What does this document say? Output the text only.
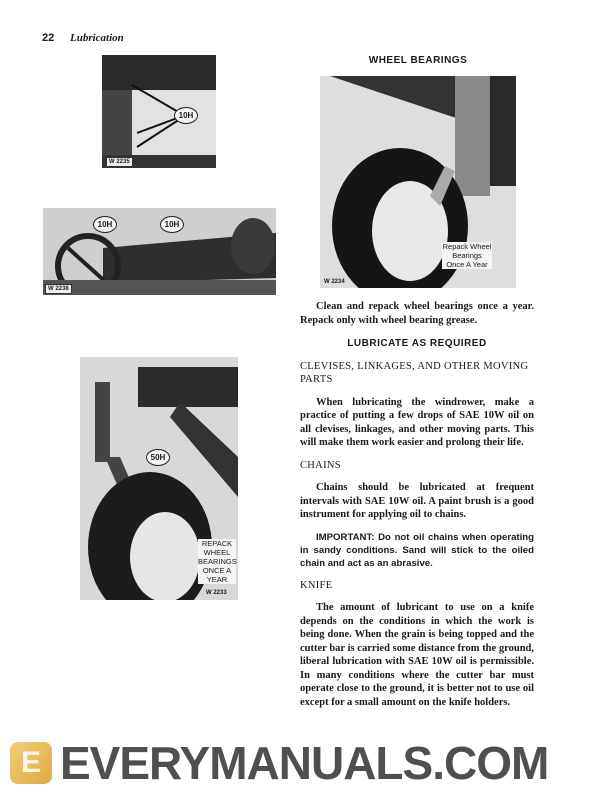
22 Lubrication
10H
W 2235
10H	10H
W 2238
50H
REPACK
WHEEL
BEARINGS
ONCE A
YEAR
W 2233
WHEEL BEARINGS
Repack Wheel
Bearings
Once A Year
W 2234

Clean and repack wheel bearings once a year. Repack only with wheel bearing grease.

LUBRICATE AS REQUIRED
CLEVISES, LINKAGES, AND OTHER MOVING PARTS

When lubricating the windrower, make a practice of putting a few drops of SAE 10W oil on all clevises, linkages, and other moving parts. This will make them work easier and prolong their life.

CHAINS

Chains should be lubricated at frequent intervals with SAE 10W oil. A paint brush is a good instrument for applying oil to chains.

IMPORTANT: Do not oil chains when operating in sandy conditions. Sand will stick to the oiled chain and act as an abrasive.

KNIFE

The amount of lubricant to use on a knife depends on the conditions in which the work is being done. When the grain is being topped and the cutter bar is carried some distance from the ground, liberal lubrication with SAE 10W oil is permissible. In many conditions where the cutter bar must operate close to the ground, it is better not to use oil except for a small amount on the knife holders.

E EVERYMANUALS.COM
